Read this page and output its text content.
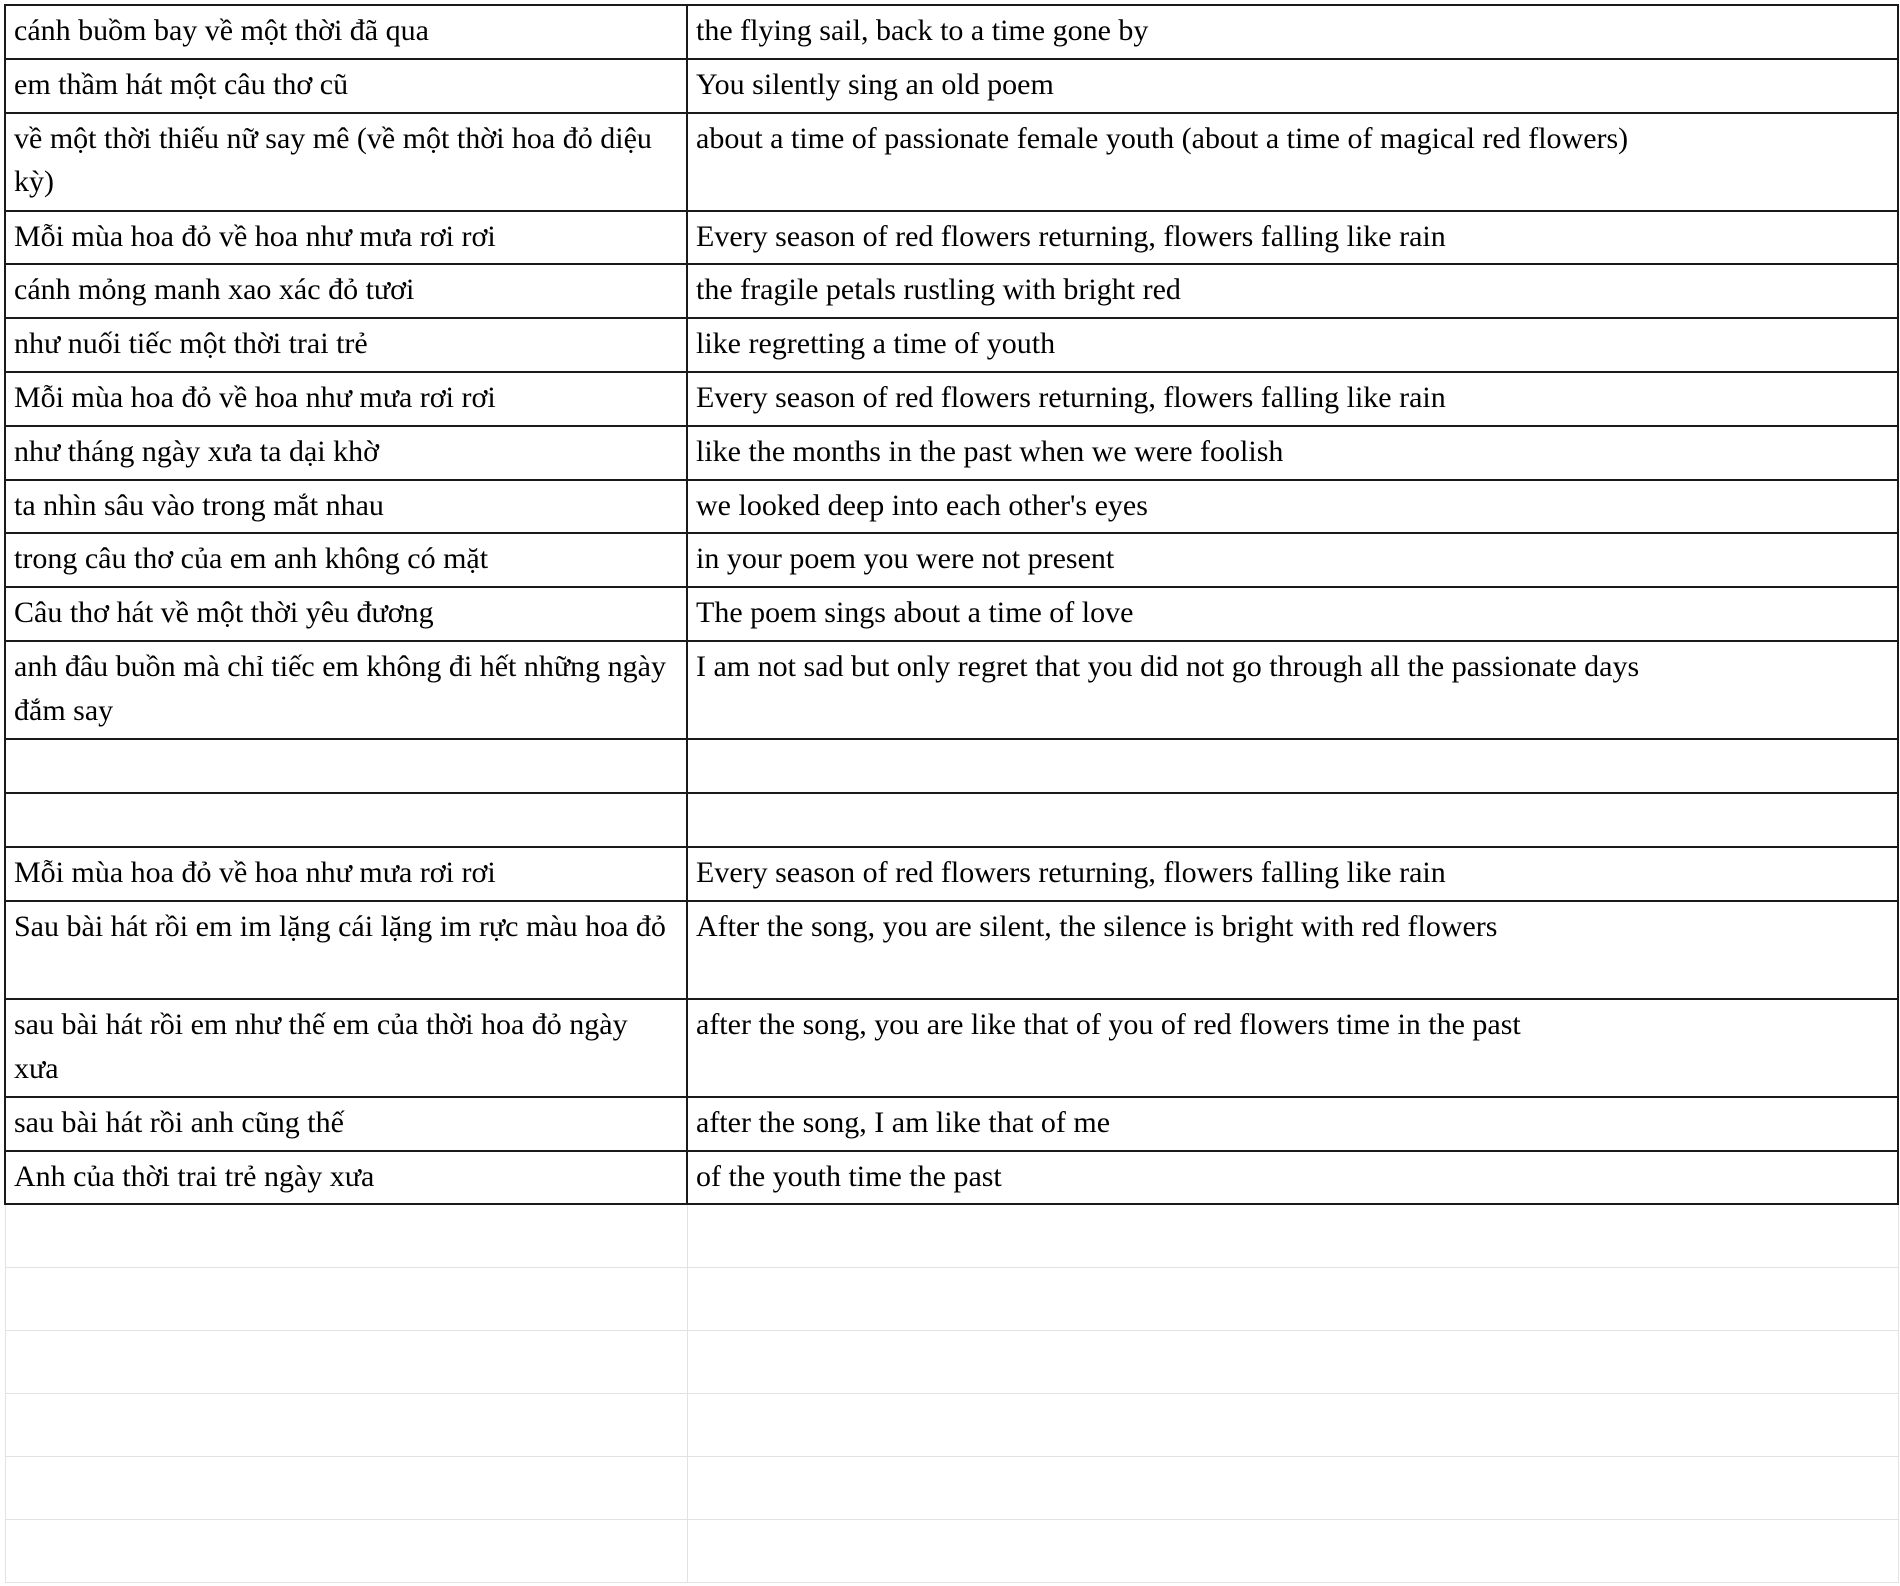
cánh buồm bay về một thời đã qua	the flying sail, back to a time gone by

em thầm hát một câu thơ cũ	You silently sing an old poem

về một thời thiếu nữ say mê (về một thời hoa đỏ diệu kỳ)	about a time of passionate female youth (about a time of magical red flowers)

Mỗi mùa hoa đỏ về hoa như mưa rơi rơi	Every season of red flowers returning, flowers falling like rain

cánh mỏng manh xao xác đỏ tươi	the fragile petals rustling with bright red

như nuối tiếc một thời trai trẻ	like regretting a time of youth

Mỗi mùa hoa đỏ về hoa như mưa rơi rơi	Every season of red flowers returning, flowers falling like rain

như tháng ngày xưa ta dại khờ	like the months in the past when we were foolish

ta nhìn sâu vào trong mắt nhau	we looked deep into each other's eyes

trong câu thơ của em anh không có mặt	in your poem you were not present

Câu thơ hát về một thời yêu đương	The poem sings about a time of love

anh đâu buồn mà chỉ tiếc em không đi hết những ngày đắm say	I am not sad but only regret that you did not go through all the passionate days

Mỗi mùa hoa đỏ về hoa như mưa rơi rơi	Every season of red flowers returning, flowers falling like rain

Sau bài hát rồi em im lặng cái lặng im rực màu hoa đỏ	After the song, you are silent, the silence is bright with red flowers

sau bài hát rồi em như thế em của thời hoa đỏ ngày xưa	after the song, you are like that of you of red flowers time in the past

sau bài hát rồi anh cũng thế	after the song, I am like that of me

Anh của thời trai trẻ ngày xưa	of the youth time the past
